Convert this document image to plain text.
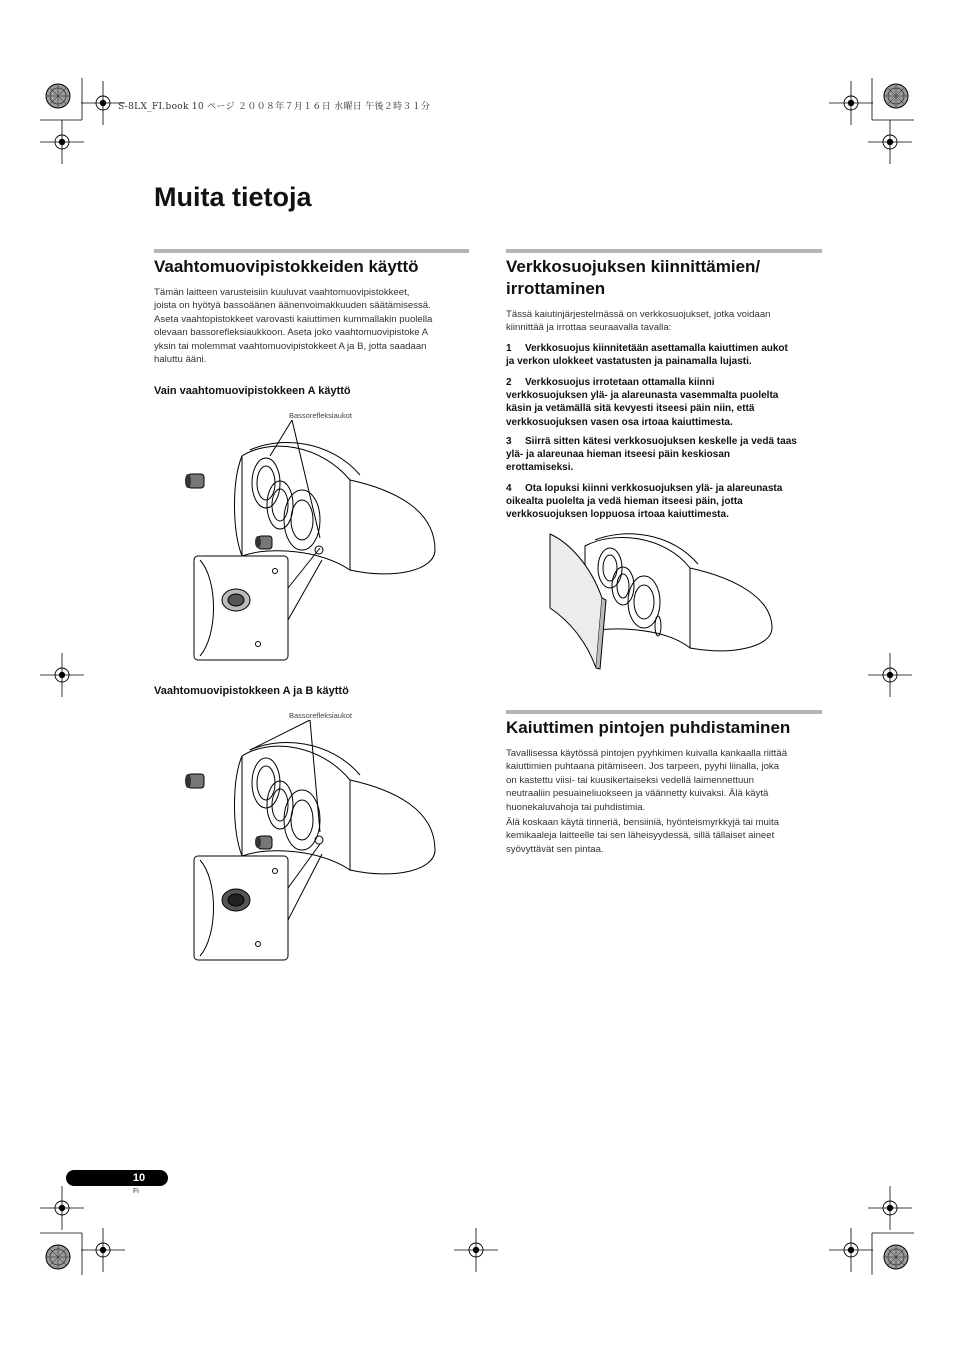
S-8LX_FI.book 10 ページ ２００８年７月１６日 水曜日 午後２時３１分
Muita tietoja
Vaahtomuovipistokkeiden käyttö
Tämän laitteen varusteisiin kuuluvat vaahtomuovipistokkeet,
joista on hyötyä bassoäänen äänenvoimakkuuden säätämisessä.
Aseta vaahtopistokkeet varovasti kaiuttimen kummallakin puolella
olevaan bassorefleksiaukkoon. Aseta joko vaahtomuovipistoke A
yksin tai molemmat vaahtomuovipistokkeet A ja B, jotta saadaan
haluttu ääni.
Vain vaahtomuovipistokkeen A käyttö
Bassorefleksiaukot
Vaahtomuovipistokkeen A ja B käyttö
Bassorefleksiaukot
Verkkosuojuksen kiinnittämien/
irrottaminen
Tässä kaiutinjärjestelmässä on verkkosuojukset, jotka voidaan
kiinnittää ja irrottaa seuraavalla tavalla:
1 Verkkosuojus kiinnitetään asettamalla kaiuttimen aukot
ja verkon ulokkeet vastatusten ja painamalla lujasti.
2 Verkkosuojus irrotetaan ottamalla kiinni
verkkosuojuksen ylä- ja alareunasta vasemmalta puolelta
käsin ja vetämällä sitä kevyesti itseesi päin niin, että
verkkosuojuksen vasen osa irtoaa kaiuttimesta.
3 Siirrä sitten kätesi verkkosuojuksen keskelle ja vedä taas
ylä- ja alareunaa hieman itseesi päin keskiosan
erottamiseksi.
4 Ota lopuksi kiinni verkkosuojuksen ylä- ja alareunasta
oikealta puolelta ja vedä hieman itseesi päin, jotta
verkkosuojuksen loppuosa irtoaa kaiuttimesta.
Kaiuttimen pintojen puhdistaminen
Tavallisessa käytössä pintojen pyyhkimen kuivalla kankaalla riittää
kaiuttimien puhtaana pitämiseen. Jos tarpeen, pyyhi liinalla, joka
on kastettu viisi- tai kuusikertaiseksi vedellä laimennettuun
neutraaliin pesuaineliuokseen ja väännetty kuivaksi. Älä käytä
huonekaluvahoja tai puhdistimia.
Älä koskaan käytä tinneriä, bensiiniä, hyönteismyrkkyjä tai muita
kemikaaleja laitteelle tai sen läheisyydessä, sillä tällaiset aineet
syövyttävät sen pintaa.
10
Fi
